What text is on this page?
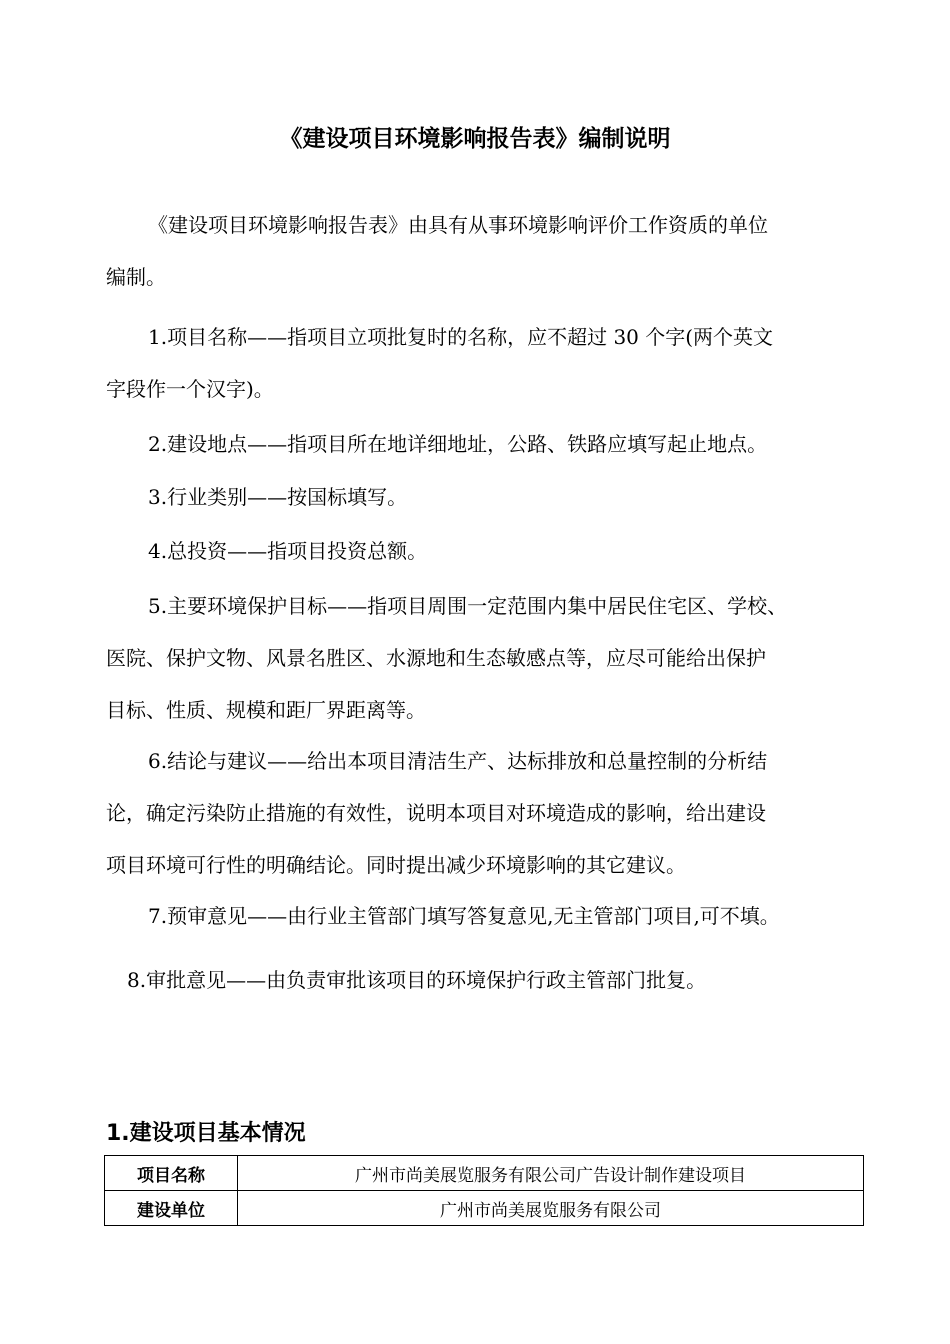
《建设项目环境影响报告表》编制说明
《建设项目环境影响报告表》由具有从事环境影响评价工作资质的单位
编制。
1.项目名称——指项目立项批复时的名称，应不超过 30 个字(两个英文
字段作一个汉字)。
2.建设地点——指项目所在地详细地址，公路、铁路应填写起止地点。
3.行业类别——按国标填写。
4.总投资——指项目投资总额。
5.主要环境保护目标——指项目周围一定范围内集中居民住宅区、学校、
医院、保护文物、风景名胜区、水源地和生态敏感点等，应尽可能给出保护
目标、性质、规模和距厂界距离等。
6.结论与建议——给出本项目清洁生产、达标排放和总量控制的分析结
论，确定污染防止措施的有效性，说明本项目对环境造成的影响，给出建设
项目环境可行性的明确结论。同时提出减少环境影响的其它建议。
7.预审意见——由行业主管部门填写答复意见,无主管部门项目,可不填。
8.审批意见——由负责审批该项目的环境保护行政主管部门批复。
1.建设项目基本情况
项目名称	广州市尚美展览服务有限公司广告设计制作建设项目
建设单位	广州市尚美展览服务有限公司
